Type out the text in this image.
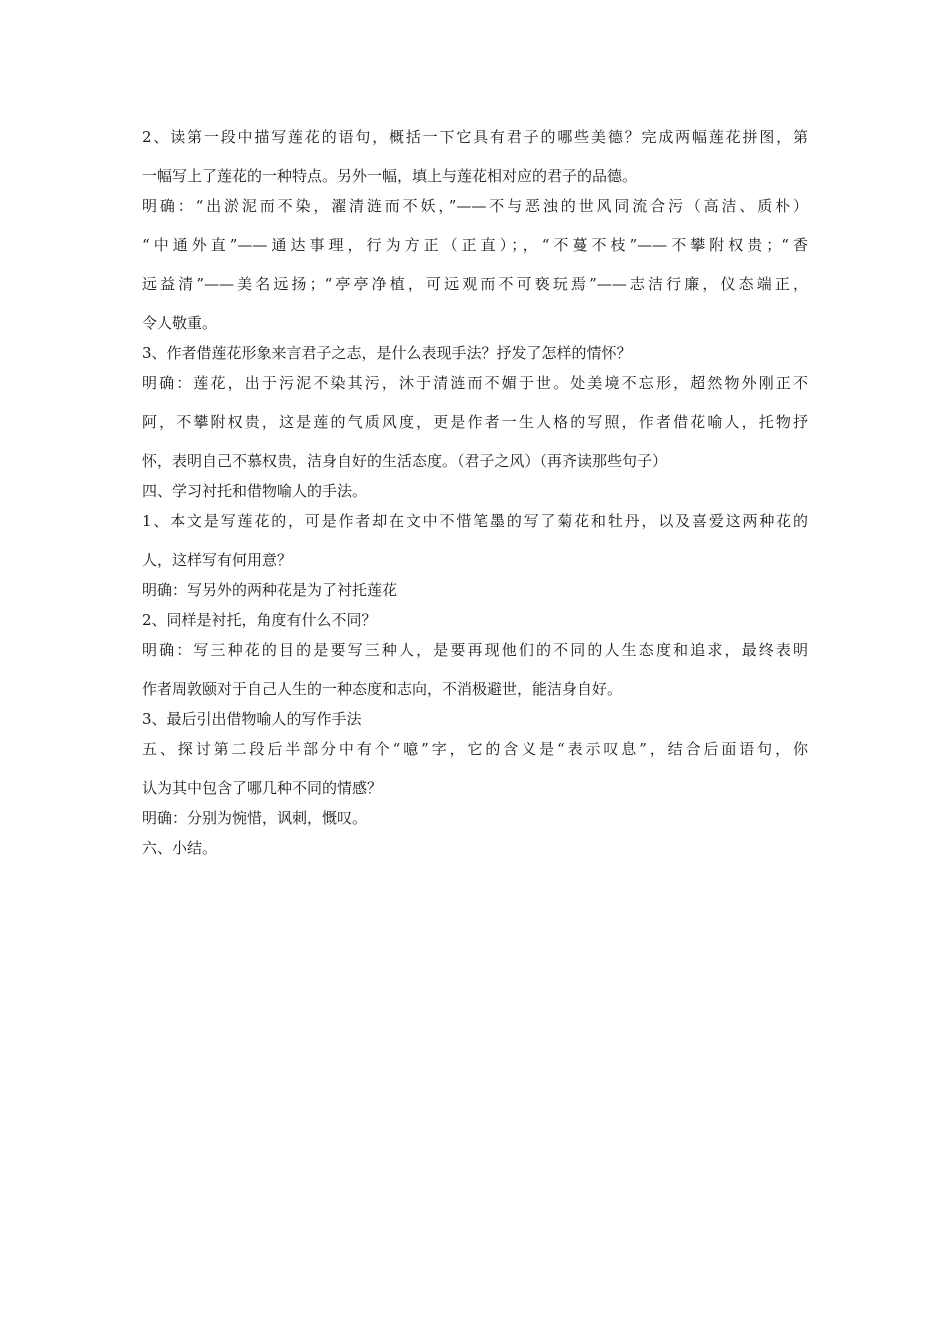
2、读第一段中描写莲花的语句，概括一下它具有君子的哪些美德？完成两幅莲花拼图，第

一幅写上了莲花的一种特点。另外一幅，填上与莲花相对应的君子的品德。

明确：“出淤泥而不染，濯清涟而不妖，”——不与恶浊的世风同流合污（高洁、质朴）

“中通外直”——通达事理，行为方正（正直）；，“不蔓不枝”——不攀附权贵；“香

远益清”——美名远扬；“亭亭净植，可远观而不可亵玩焉”——志洁行廉，仪态端正，

令人敬重。

3、作者借莲花形象来言君子之志，是什么表现手法？抒发了怎样的情怀？

明确：莲花，出于污泥不染其污，沐于清涟而不媚于世。处美境不忘形，超然物外刚正不

阿，不攀附权贵，这是莲的气质风度，更是作者一生人格的写照，作者借花喻人，托物抒

怀，表明自己不慕权贵，洁身自好的生活态度。（君子之风）（再齐读那些句子）

四、学习衬托和借物喻人的手法。

1、本文是写莲花的，可是作者却在文中不惜笔墨的写了菊花和牡丹，以及喜爱这两种花的

人，这样写有何用意？

明确：写另外的两种花是为了衬托莲花

2、同样是衬托，角度有什么不同？

明确：写三种花的目的是要写三种人，是要再现他们的不同的人生态度和追求，最终表明

作者周敦颐对于自己人生的一种态度和志向，不消极避世，能洁身自好。

3、最后引出借物喻人的写作手法

五、探讨第二段后半部分中有个“噫”字，它的含义是“表示叹息”，结合后面语句，你

认为其中包含了哪几种不同的情感？

明确：分别为惋惜，讽刺，慨叹。

六、小结。
